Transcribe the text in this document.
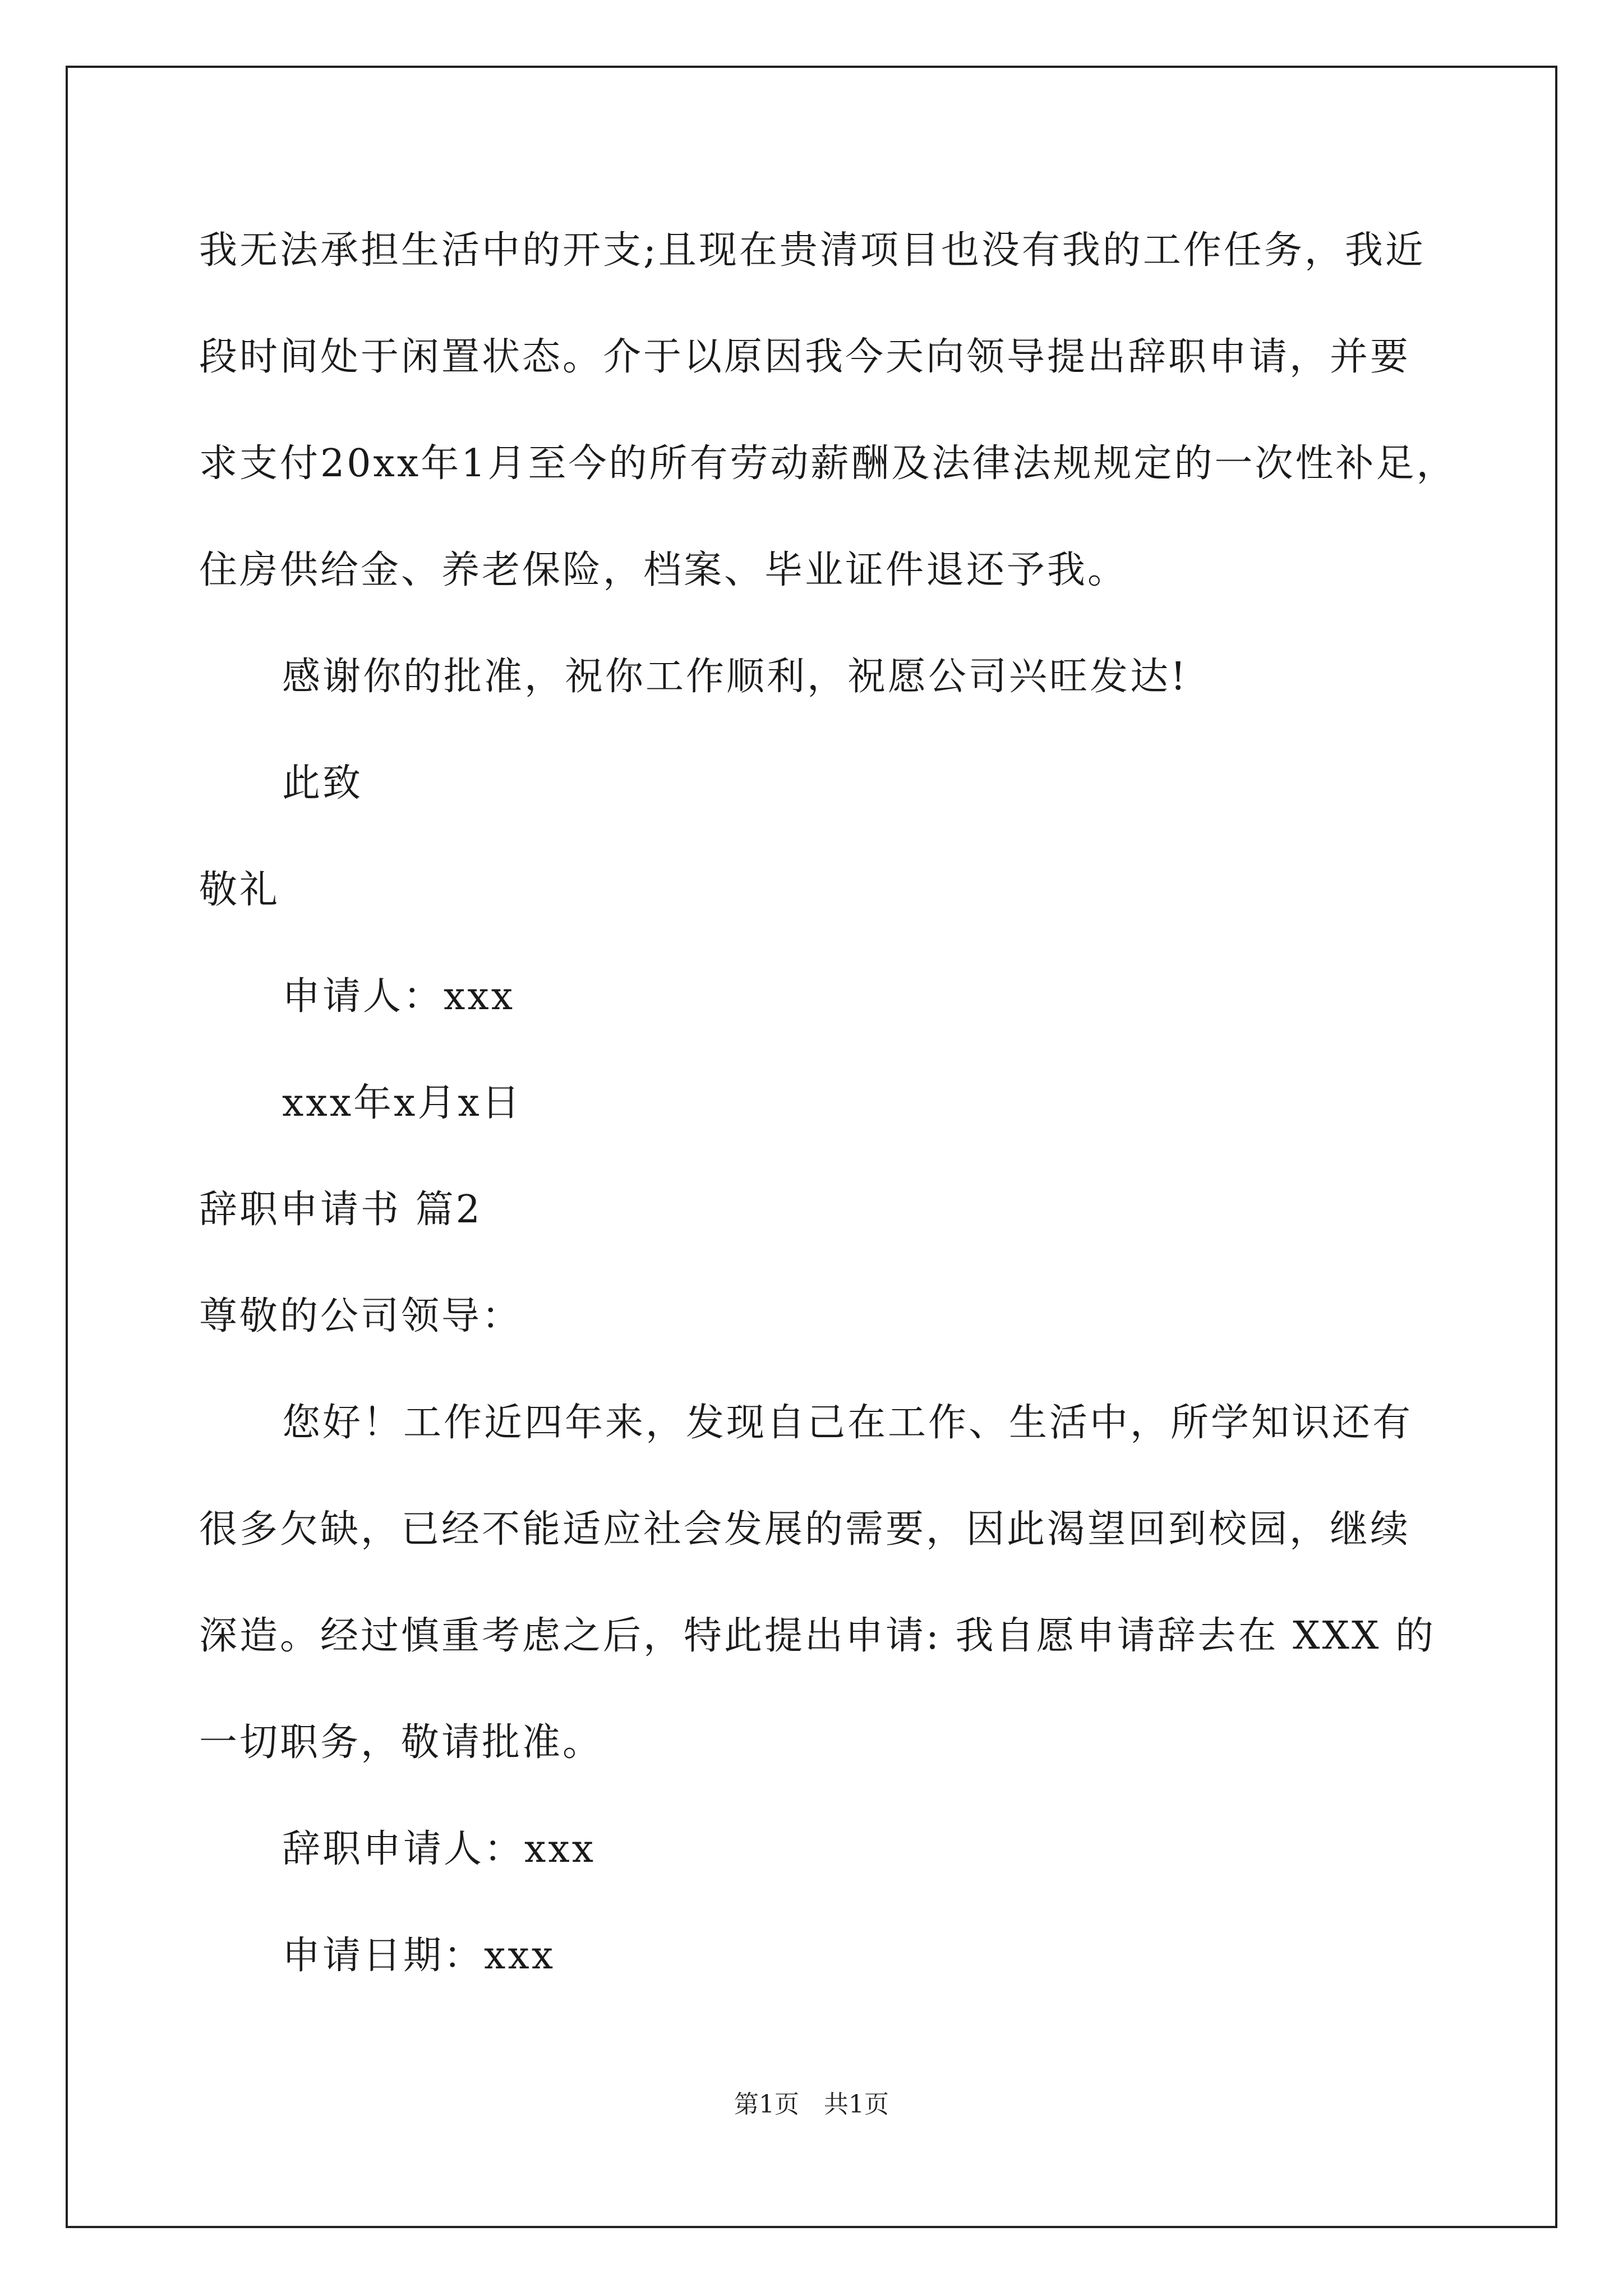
我无法承担生活中的开支;且现在贵清项目也没有我的工作任务，我近
段时间处于闲置状态。介于以原因我今天向领导提出辞职申请，并要
求支付20xx年1月至今的所有劳动薪酬及法律法规规定的一次性补足，
住房供给金、养老保险，档案、毕业证件退还予我。
感谢你的批准，祝你工作顺利，祝愿公司兴旺发达!
此致
敬礼
申请人：xxx
xxx年x月x日
辞职申请书 篇2
尊敬的公司领导：
您好！工作近四年来，发现自己在工作、生活中，所学知识还有
很多欠缺，已经不能适应社会发展的需要，因此渴望回到校园，继续
深造。经过慎重考虑之后，特此提出申请: 我自愿申请辞去在 XXX 的
一切职务，敬请批准。
辞职申请人：xxx
申请日期：xxx
第1页　共1页
